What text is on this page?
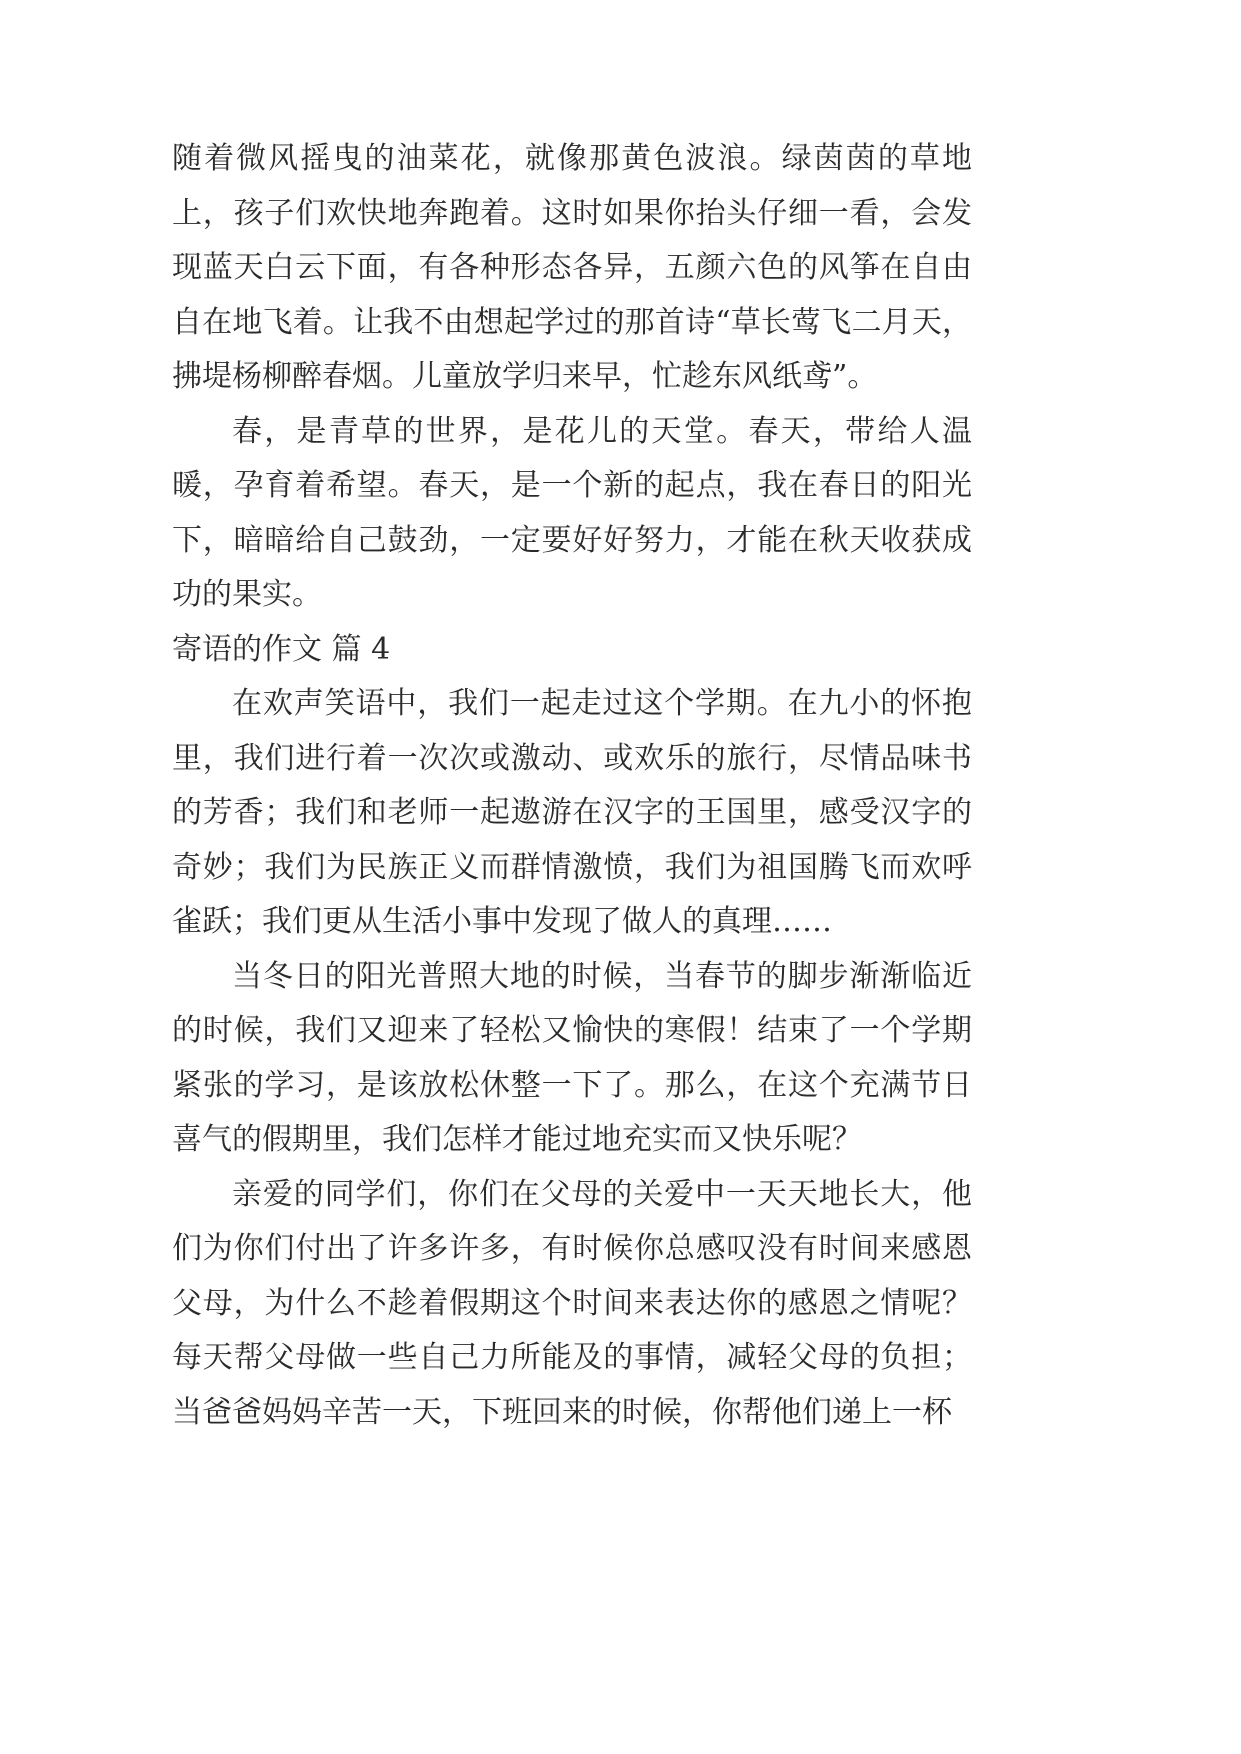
随着微风摇曳的油菜花，就像那黄色波浪。绿茵茵的草地上，孩子们欢快地奔跑着。这时如果你抬头仔细一看，会发现蓝天白云下面，有各种形态各异，五颜六色的风筝在自由自在地飞着。让我不由想起学过的那首诗“草长莺飞二月天，拂堤杨柳醉春烟。儿童放学归来早，忙趁东风纸鸢”。

春，是青草的世界，是花儿的天堂。春天，带给人温暖，孕育着希望。春天，是一个新的起点，我在春日的阳光下，暗暗给自己鼓劲，一定要好好努力，才能在秋天收获成功的果实。

寄语的作文 篇 4

在欢声笑语中，我们一起走过这个学期。在九小的怀抱里，我们进行着一次次或激动、或欢乐的旅行，尽情品味书的芳香；我们和老师一起遨游在汉字的王国里，感受汉字的奇妙；我们为民族正义而群情激愤，我们为祖国腾飞而欢呼雀跃；我们更从生活小事中发现了做人的真理……

当冬日的阳光普照大地的时候，当春节的脚步渐渐临近的时候，我们又迎来了轻松又愉快的寒假！结束了一个学期紧张的学习，是该放松休整一下了。那么，在这个充满节日喜气的假期里，我们怎样才能过地充实而又快乐呢？

亲爱的同学们，你们在父母的关爱中一天天地长大，他们为你们付出了许多许多，有时候你总感叹没有时间来感恩父母，为什么不趁着假期这个时间来表达你的感恩之情呢？每天帮父母做一些自己力所能及的事情，减轻父母的负担；当爸爸妈妈辛苦一天，下班回来的时候，你帮他们递上一杯
